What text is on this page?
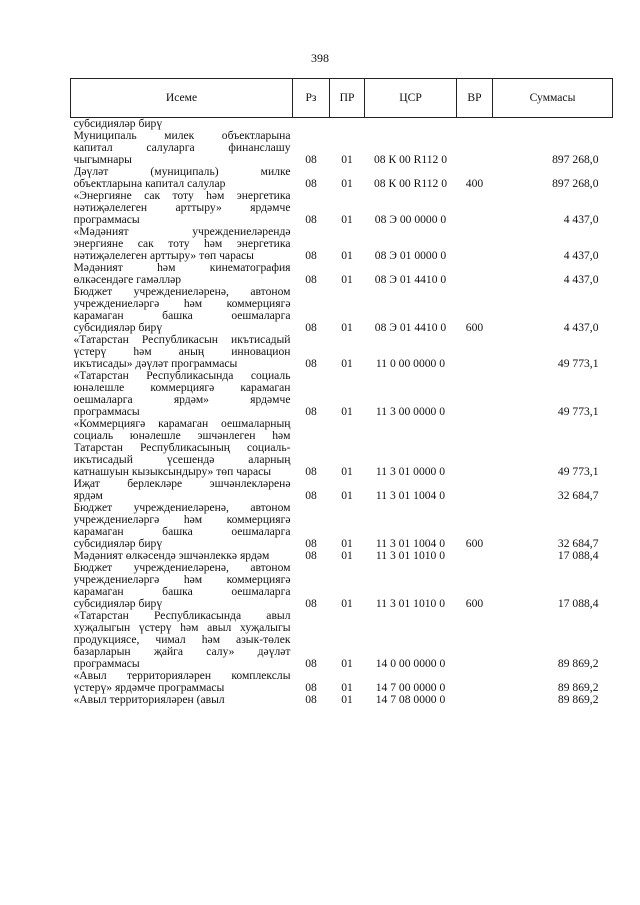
398
Исеме	Рз	ПР	ЦСР	ВР	Суммасы

субсидияләр бирү					

Муниципаль милек объектларына
капитал салуларга финанслашу
чыгымнары	08	01	08 К 00 R112 0		897 268,0

Дәүләт (муниципаль) милке
объектларына капитал салулар	08	01	08 К 00 R112 0	400	897 268,0

«Энергияне сак тоту һәм энергетика
нәтиҗәлелеген арттыру» ярдәмче
программасы	08	01	08 Э 00 0000 0		4 437,0

«Мәдәният учреждениеләрендә
энергияне сак тоту һәм энергетика
нәтиҗәлелеген арттыру» төп чарасы	08	01	08 Э 01 0000 0		4 437,0

Мәдәният һәм кинематография
өлкәсендәге гамәлләр	08	01	08 Э 01 4410 0		4 437,0

Бюджет учреждениеләренә, автоном
учреждениеләргә һәм коммерциягә
карамаган башка оешмаларга
субсидияләр бирү	08	01	08 Э 01 4410 0	600	4 437,0

«Татарстан Республикасын икътисадый
үстерү һәм аның инновацион
икътисады» дәүләт программасы	08	01	11 0 00 0000 0		49 773,1

«Татарстан Республикасында социаль
юнәлешле коммерциягә карамаган
оешмаларга ярдәм» ярдәмче
программасы	08	01	11 3 00 0000 0		49 773,1

«Коммерциягә карамаган оешмаларның
социаль юнәлешле эшчәнлеген һәм
Татарстан Республикасының социаль-
икътисадый үсешендә аларның
катнашуын кызыксындыру» төп чарасы	08	01	11 3 01 0000 0		49 773,1

Иҗат берлекләре эшчәнлекләренә
ярдәм	08	01	11 3 01 1004 0		32 684,7

Бюджет учреждениеләренә, автоном
учреждениеләргә һәм коммерциягә
карамаган башка оешмаларга
субсидияләр бирү	08	01	11 3 01 1004 0	600	32 684,7

Мәдәният өлкәсендә эшчәнлеккә ярдәм	08	01	11 3 01 1010 0		17 088,4

Бюджет учреждениеләренә, автоном
учреждениеләргә һәм коммерциягә
карамаган башка оешмаларга
субсидияләр бирү	08	01	11 3 01 1010 0	600	17 088,4

«Татарстан Республикасында авыл
хуҗалыгын үстерү һәм авыл хуҗалыгы
продукциясе, чимал һәм азык-төлек
базарларын җайга салу» дәүләт
программасы	08	01	14 0 00 0000 0		89 869,2

«Авыл территорияләрен комплекслы
үстерү» ярдәмче программасы	08	01	14 7 00 0000 0		89 869,2

«Авыл территорияләрен (авыл	08	01	14 7 08 0000 0		89 869,2
